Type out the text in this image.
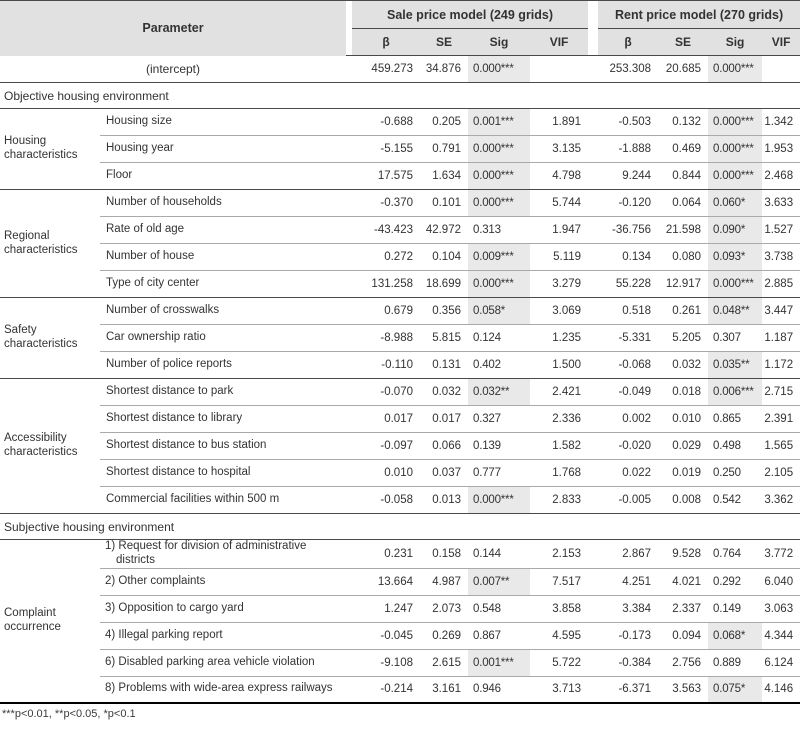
Parameter			Sale price model (249 grids)					Rent price model (270 grids)			
			β	SE	Sig	VIF		β	SE	Sig	VIF
(intercept)			459.273	34.876	0.000***			253.308	20.685	0.000***	
Objective housing environment											
Housing characteristics	Housing size		-0.688	0.205	0.001***	1.891		-0.503	0.132	0.000***	1.342
	Housing year		-5.155	0.791	0.000***	3.135		-1.888	0.469	0.000***	1.953
	Floor		17.575	1.634	0.000***	4.798		9.244	0.844	0.000***	2.468
Regional characteristics	Number of households		-0.370	0.101	0.000***	5.744		-0.120	0.064	0.060*	3.633
	Rate of old age		-43.423	42.972	0.313	1.947		-36.756	21.598	0.090*	1.527
	Number of house		0.272	0.104	0.009***	5.119		0.134	0.080	0.093*	3.738
	Type of city center		131.258	18.699	0.000***	3.279		55.228	12.917	0.000***	2.885
Safety characteristics	Number of crosswalks		0.679	0.356	0.058*	3.069		0.518	0.261	0.048**	3.447
	Car ownership ratio		-8.988	5.815	0.124	1.235		-5.331	5.205	0.307	1.187
	Number of police reports		-0.110	0.131	0.402	1.500		-0.068	0.032	0.035**	1.172
Accessibility characteristics	Shortest distance to park		-0.070	0.032	0.032**	2.421		-0.049	0.018	0.006***	2.715
	Shortest distance to library		0.017	0.017	0.327	2.336		0.002	0.010	0.865	2.391
	Shortest distance to bus station		-0.097	0.066	0.139	1.582		-0.020	0.029	0.498	1.565
	Shortest distance to hospital		0.010	0.037	0.777	1.768		0.022	0.019	0.250	2.105
	Commercial facilities within 500 m		-0.058	0.013	0.000***	2.833		-0.005	0.008	0.542	3.362
Subjective housing environment											
Complaint occurrence	1) Request for division of administrative districts		0.231	0.158	0.144	2.153		2.867	9.528	0.764	3.772
	2) Other complaints		13.664	4.987	0.007**	7.517		4.251	4.021	0.292	6.040
	3) Opposition to cargo yard		1.247	2.073	0.548	3.858		3.384	2.337	0.149	3.063
	4) Illegal parking report		-0.045	0.269	0.867	4.595		-0.173	0.094	0.068*	4.344
	6) Disabled parking area vehicle violation		-9.108	2.615	0.001***	5.722		-0.384	2.756	0.889	6.124
	8) Problems with wide-area express railways		-0.214	3.161	0.946	3.713		-6.371	3.563	0.075*	4.146
***p<0.01, **p<0.05, *p<0.1
